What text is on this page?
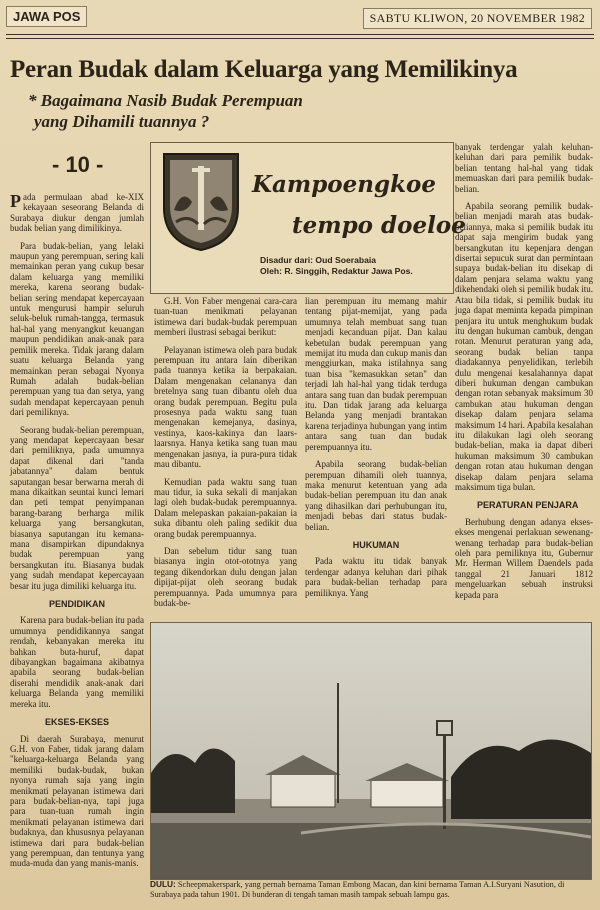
JAWA POS	SABTU KLIWON, 20 NOVEMBER 1982
Peran Budak dalam Keluarga yang Memilikinya
* Bagaimana Nasib Budak Perempuan
yang Dihamili tuannya ?
- 10 -
Kampoengkoe
tempo doeloe
Disadur dari: Oud Soerabaia
Oleh: R. Singgih, Redaktur Jawa Pos.

Pada permulaan abad ke-XIX kekayaan seseorang Belanda di Surabaya diukur dengan jumlah budak belian yang dimilikinya.

Para budak-belian, yang lelaki maupun yang perempuan, sering kali memainkan peran yang cukup besar dalam keluarga yang memiliki mereka, karena seorang budak-belian sering mendapat kepercayaan untuk mengurusi hampir seluruh seluk-beluk rumah-tangga, termasuk hal-hal yang menyangkut keuangan maupun pendidikan anak-anak para pemilik mereka. Tidak jarang dalam suatu keluarga Belanda yang memainkan peran sebagai Nyonya Rumah adalah budak-belian perempuan yang tua dan setya, yang sudah mendapat kepercayaan penuh dari pemiliknya.

Seorang budak-belian perempuan, yang mendapat kepercayaan besar dari pemiliknya, pada umumnya dapat dikenal dari "tanda jabatannya" dalam bentuk saputangan besar berwarna merah di mana dikaitkan seuntai kunci lemari dan peti tempat penyimpanan barang-barang berharga milik keluarga yang bersangkutan, biasanya saputangan itu kemana-mana disampirkan dipundaknya budak perempuan yang bersangkutan itu. Biasanya budak yang sudah mendapat kepercayaan besar itu juga dimiliki keluarga itu.

PENDIDIKAN

Karena para budak-belian itu pada umumnya pendidikannya sangat rendah, kebanyakan mereka itu bahkan buta-huruf, dapat dibayangkan bagaimana akibatnya apabila seorang budak-belian diserahi mendidik anak-anak dari keluarga Belanda yang memiliki mereka itu.

EKSES-EKSES

Di daerah Surabaya, menurut G.H. von Faber, tidak jarang dalam "keluarga-keluarga Belanda yang memiliki budak-budak, bukan nyonya rumah saja yang ingin menikmati pelayanan istimewa dari para budak-belian-nya, tapi juga para tuan-tuan rumah ingin menikmati pelayanan istimewa dari budaknya, dan khususnya pelayanan istimewa dari para budak-belian yang perempuan, dan tentunya yang muda-muda dan yang manis-manis.

G.H. Von Faber mengenai cara-cara tuan-tuan menikmati pelayanan istimewa dari budak-budak perempuan memberi ilustrasi sebagai berikut:

Pelayanan istimewa oleh para budak perempuan itu antara lain diberikan pada tuannya ketika ia berpakaian. Dalam mengenakan celananya dan bretelnya sang tuan dibantu oleh dua orang budak perempuan. Begitu pula prosesnya pada waktu sang tuan mengenakan kemejanya, dasinya, vestinya, kaos-kakinya dan laars-laarsnya. Hanya ketika sang tuan mau mengenakan jasnya, ia pura-pura tidak mau dibantu.

Kemudian pada waktu sang tuan mau tidur, ia suka sekali di manjakan lagi oleh budak-budak perempuannya. Dalam melepaskan pakaian-pakaian ia suka dibantu oleh paling sedikit dua orang budak perempuannya.

Dan sebelum tidur sang tuan biasanya ingin otot-ototnya yang tegang dikendorkan dulu dengan jalan dipijat-pijat oleh seorang budak perempuannya. Pada umumnya para budak-be-

lian perempuan itu memang mahir tentang pijat-memijat, yang pada umumnya telah membuat sang tuan menjadi kecanduan pijat. Dan kalau kebetulan budak perempuan yang memijat itu muda dan cukup manis dan menggiurkan, maka istilahnya sang tuan bisa "kemasukkan setan" dan terjadi lah hal-hal yang tidak terduga antara sang tuan dan budak perempuan itu. Dan tidak jarang ada keluarga Belanda yang menjadi brantakan karena terjadinya hubungan yang intim antara sang tuan dan budak perempuannya itu.

Apabila seorang budak-belian perempuan dihamili oleh tuannya, maka menurut ketentuan yang ada budak-belian perempuan itu dan anak yang dihasilkan dari perhubungan itu, menjadi bebas dari status budak-belian.

HUKUMAN

Pada waktu itu tidak banyak terdengar adanya keluhan dari pihak para budak-belian terhadap para pemiliknya. Yang

banyak terdengar yalah keluhan-keluhan dari para pemilik budak-belian tentang hal-hal yang tidak memuaskan dari para pemilik budak-belian.

Apabila seorang pemilik budak-belian menjadi marah atas budak-beliannya, maka si pemilik budak itu dapat saja mengirim budak yang bersangkutan itu kepenjara dengan disertai sepucuk surat dan permintaan supaya budak-belian itu disekap di dalam penjara selama waktu yang dikehendaki oleh si pemilik budak itu. Atau bila tidak, si pemilik budak itu juga dapat meminta kepada pimpinan penjara itu untuk menghukum budak itu dengan hukuman cambuk, dengan rotan. Menurut peraturan yang ada, seorang budak belian tanpa diadakannya penyelidikan, terlebih dulu mengenai kesalahannya dapat diberi hukuman dengan cambukan dengan rotan sebanyak maksimum 30 cambukan atau hukuman dengan disekap dalam penjara selama maksimum 14 hari. Apabila kesalahan itu dilakukan lagi oleh seorang budak-belian, maka ia dapat diberi hukuman maksimum 30 cambukan dengan rotan atau hukuman dengan disekap dalam penjara selama maksimum tiga bulan.

PERATURAN PENJARA

Berhubung dengan adanya ekses-ekses mengenai perlakuan sewenang-wenang terhadap para budak-belian oleh para pemiliknya itu, Gubernur Mr. Herman Willem Daendels pada tanggal 21 Januari 1812 mengeluarkan sebuah instruksi kepada para

DULU: Scheepmakerspark, yang pernah bernama Taman Embong Macan, dan kini bernama Taman A.I.Suryani Nasution, di Surabaya pada tahun 1901. Di bunderan di tengah taman masih tampak sebuah lampu gas.
